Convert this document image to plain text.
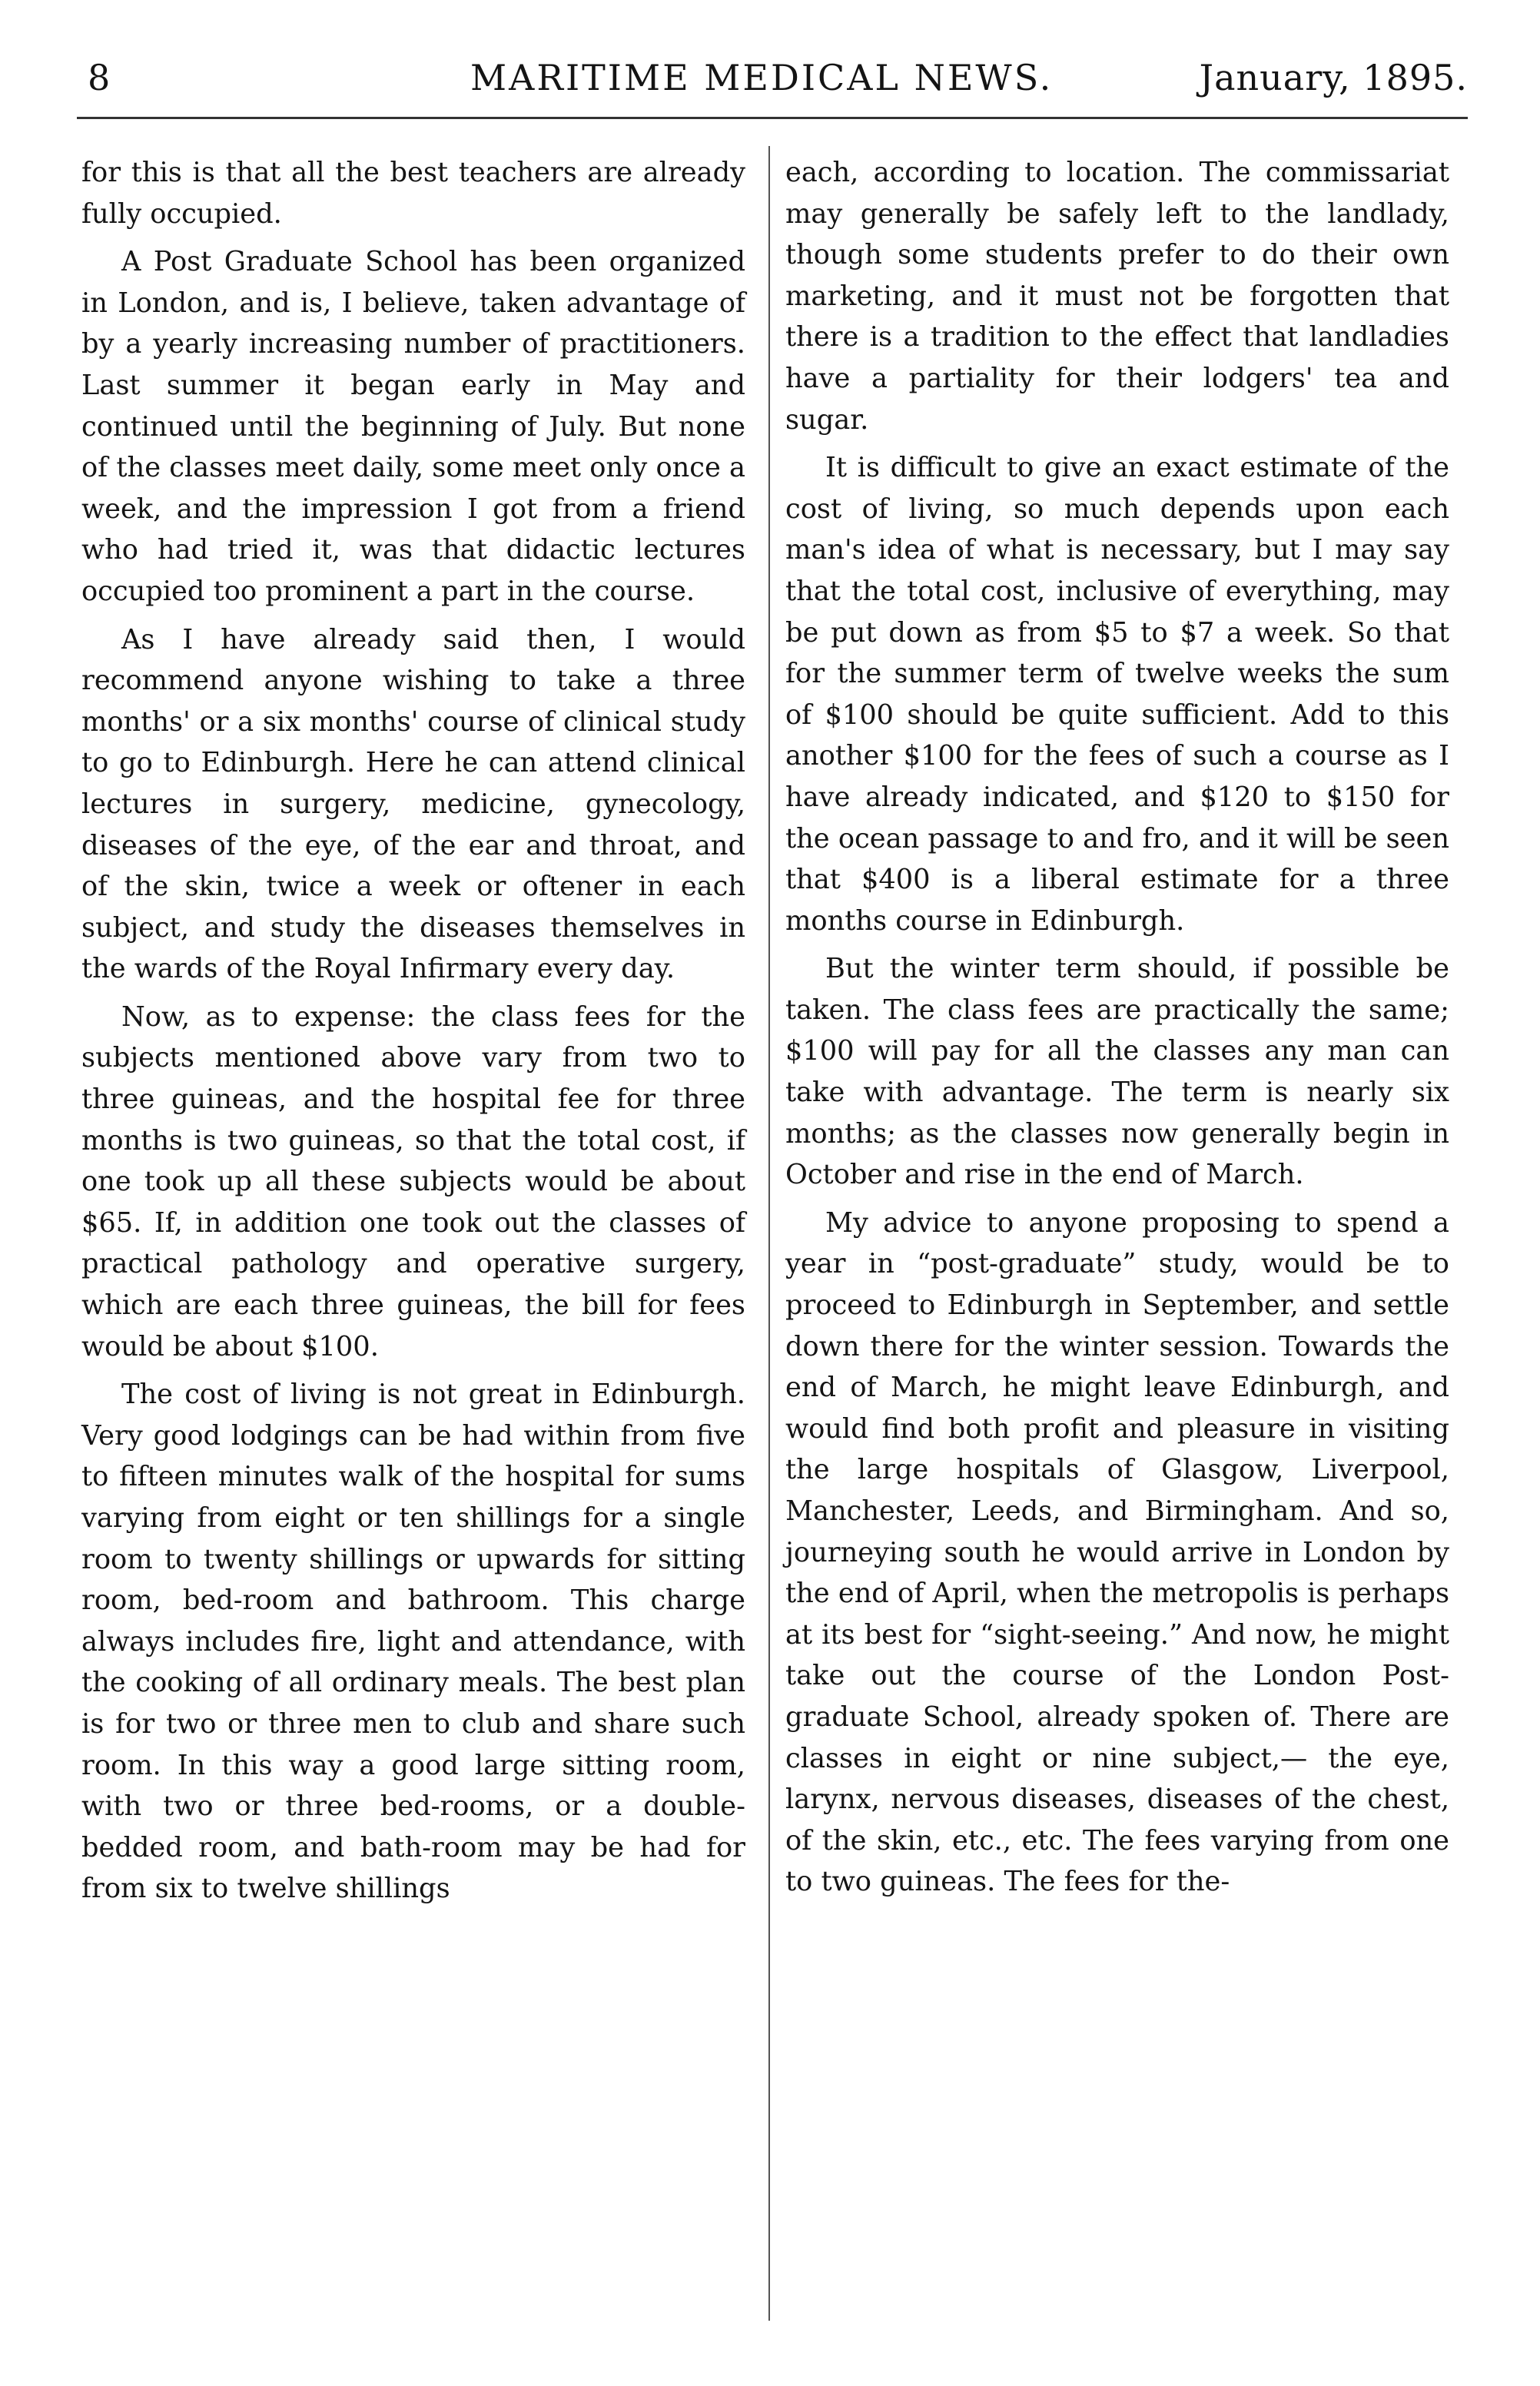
8	MARITIME MEDICAL NEWS.	January, 1895.

for this is that all the best teachers are already fully occupied.

A Post Graduate School has been organized in London, and is, I believe, taken advantage of by a yearly increasing number of practitioners. Last summer it began early in May and continued until the beginning of July. But none of the classes meet daily, some meet only once a week, and the impression I got from a friend who had tried it, was that didactic lectures occupied too prominent a part in the course.

As I have already said then, I would recommend anyone wishing to take a three months' or a six months' course of clinical study to go to Edinburgh. Here he can attend clinical lectures in surgery, medicine, gynecology, diseases of the eye, of the ear and throat, and of the skin, twice a week or oftener in each subject, and study the diseases themselves in the wards of the Royal Infirmary every day.

Now, as to expense: the class fees for the subjects mentioned above vary from two to three guineas, and the hospital fee for three months is two guineas, so that the total cost, if one took up all these subjects would be about $65. If, in addition one took out the classes of practical pathology and operative surgery, which are each three guineas, the bill for fees would be about $100.

The cost of living is not great in Edinburgh. Very good lodgings can be had within from five to fifteen minutes walk of the hospital for sums varying from eight or ten shillings for a single room to twenty shillings or upwards for sitting room, bed-room and bathroom. This charge always includes fire, light and attendance, with the cooking of all ordinary meals. The best plan is for two or three men to club and share such room. In this way a good large sitting room, with two or three bed-rooms, or a double-bedded room, and bath-room may be had for from six to twelve shillings

each, according to location. The commissariat may generally be safely left to the landlady, though some students prefer to do their own marketing, and it must not be forgotten that there is a tradition to the effect that landladies have a partiality for their lodgers' tea and sugar.

It is difficult to give an exact estimate of the cost of living, so much depends upon each man's idea of what is necessary, but I may say that the total cost, inclusive of everything, may be put down as from $5 to $7 a week. So that for the summer term of twelve weeks the sum of $100 should be quite sufficient. Add to this another $100 for the fees of such a course as I have already indicated, and $120 to $150 for the ocean passage to and fro, and it will be seen that $400 is a liberal estimate for a three months course in Edinburgh.

But the winter term should, if possible be taken. The class fees are practically the same; $100 will pay for all the classes any man can take with advantage. The term is nearly six months; as the classes now generally begin in October and rise in the end of March.

My advice to anyone proposing to spend a year in “post-graduate” study, would be to proceed to Edinburgh in September, and settle down there for the winter session. Towards the end of March, he might leave Edinburgh, and would find both profit and pleasure in visiting the large hospitals of Glasgow, Liverpool, Manchester, Leeds, and Birmingham. And so, journeying south he would arrive in London by the end of April, when the metropolis is perhaps at its best for “sight-seeing.” And now, he might take out the course of the London Post-graduate School, already spoken of. There are classes in eight or nine subject,— the eye, larynx, nervous diseases, diseases of the chest, of the skin, etc., etc. The fees varying from one to two guineas. The fees for the-
